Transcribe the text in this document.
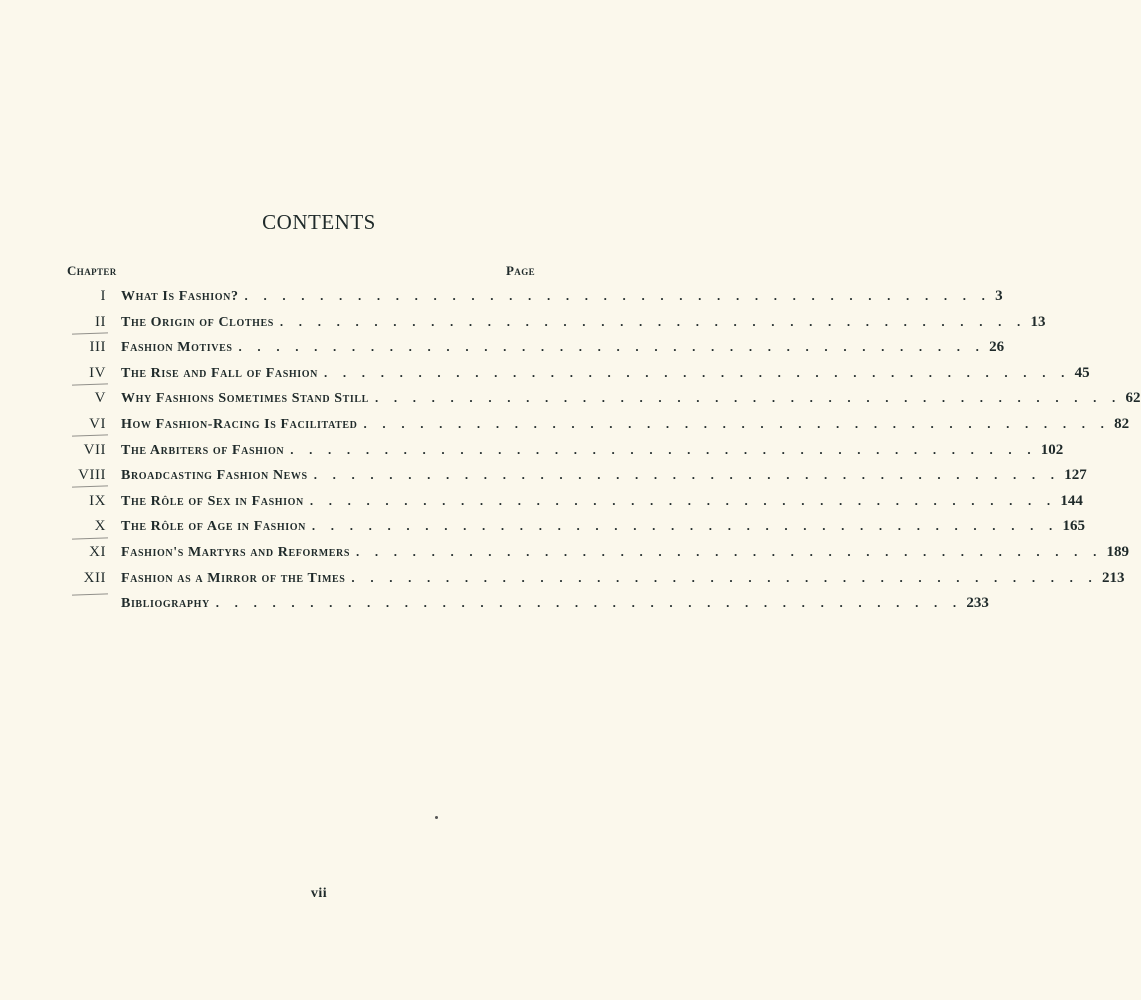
CONTENTS
Chapter	Page
I What Is Fashion? . . . . . . . . . . . . . . . . . . . . . . . . . . . . . . . . . . . . . . . . 3
II The Origin of Clothes . . . . . . . . . . . . . . . . . . . . . . . . . . . . . . . . . . . . . . . . 13
III Fashion Motives . . . . . . . . . . . . . . . . . . . . . . . . . . . . . . . . . . . . . . . . 26
IV The Rise and Fall of Fashion . . . . . . . . . . . . . . . . . . . . . . . . . . . . . . . . . . . . . . . . 45
V Why Fashions Sometimes Stand Still . . . . . . . . . . . . . . . . . . . . . . . . . . . . . . . . . . . . . . . . 62
VI How Fashion-Racing Is Facilitated . . . . . . . . . . . . . . . . . . . . . . . . . . . . . . . . . . . . . . . . 82
VII The Arbiters of Fashion . . . . . . . . . . . . . . . . . . . . . . . . . . . . . . . . . . . . . . . . 102
VIII Broadcasting Fashion News . . . . . . . . . . . . . . . . . . . . . . . . . . . . . . . . . . . . . . . . 127
IX The Rôle of Sex in Fashion . . . . . . . . . . . . . . . . . . . . . . . . . . . . . . . . . . . . . . . . 144
X The Rôle of Age in Fashion . . . . . . . . . . . . . . . . . . . . . . . . . . . . . . . . . . . . . . . . 165
XI Fashion's Martyrs and Reformers . . . . . . . . . . . . . . . . . . . . . . . . . . . . . . . . . . . . . . . . 189
XII Fashion as a Mirror of the Times . . . . . . . . . . . . . . . . . . . . . . . . . . . . . . . . . . . . . . . . 213
Bibliography . . . . . . . . . . . . . . . . . . . . . . . . . . . . . . . . . . . . . . . . 233
vii
